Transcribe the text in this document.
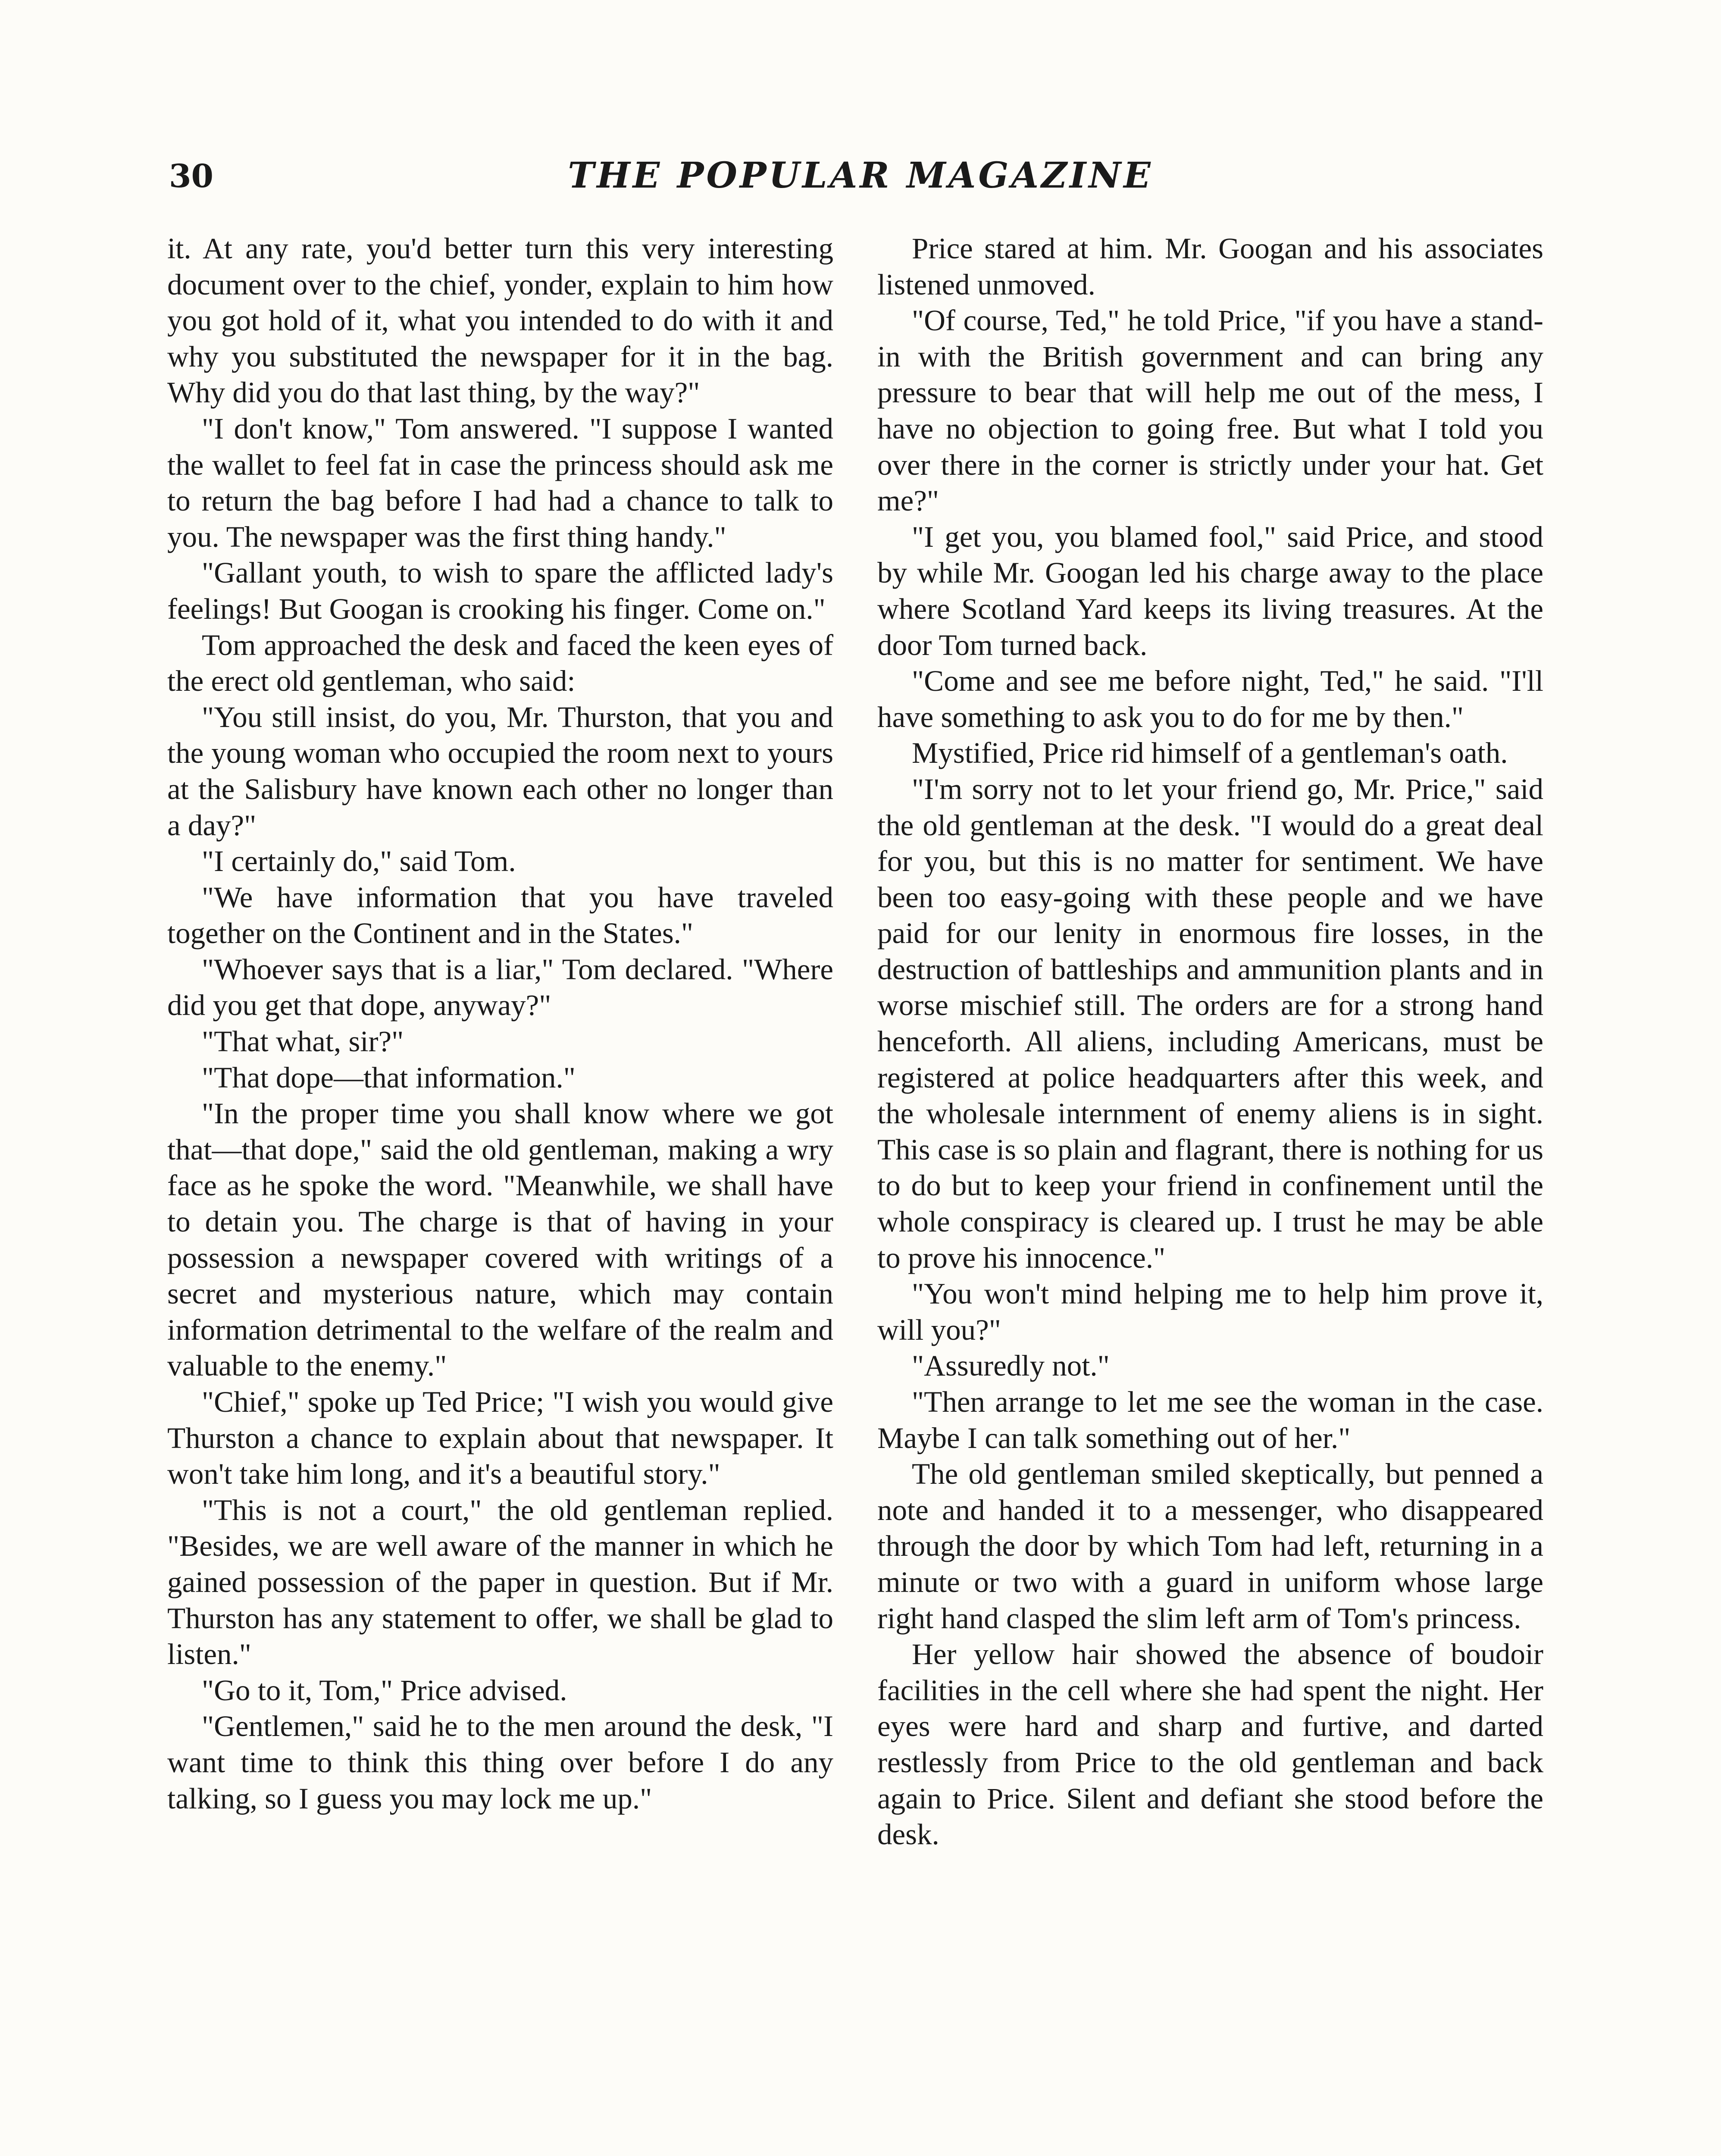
30	THE POPULAR MAGAZINE

it. At any rate, you'd better turn this very interesting document over to the chief, yonder, explain to him how you got hold of it, what you intended to do with it and why you substituted the newspaper for it in the bag. Why did you do that last thing, by the way?"

"I don't know," Tom answered. "I suppose I wanted the wallet to feel fat in case the princess should ask me to return the bag before I had had a chance to talk to you. The newspaper was the first thing handy."

"Gallant youth, to wish to spare the afflicted lady's feelings! But Googan is crooking his finger. Come on."

Tom approached the desk and faced the keen eyes of the erect old gentleman, who said:

"You still insist, do you, Mr. Thurston, that you and the young woman who occupied the room next to yours at the Salisbury have known each other no longer than a day?"

"I certainly do," said Tom.

"We have information that you have traveled together on the Continent and in the States."

"Whoever says that is a liar," Tom declared. "Where did you get that dope, anyway?"

"That what, sir?"

"That dope—that information."

"In the proper time you shall know where we got that—that dope," said the old gentleman, making a wry face as he spoke the word. "Meanwhile, we shall have to detain you. The charge is that of having in your possession a newspaper covered with writings of a secret and mysterious nature, which may contain information detrimental to the welfare of the realm and valuable to the enemy."

"Chief," spoke up Ted Price; "I wish you would give Thurston a chance to explain about that newspaper. It won't take him long, and it's a beautiful story."

"This is not a court," the old gentleman replied. "Besides, we are well aware of the manner in which he gained possession of the paper in question. But if Mr. Thurston has any statement to offer, we shall be glad to listen."

"Go to it, Tom," Price advised.

"Gentlemen," said he to the men around the desk, "I want time to think this thing over before I do any talking, so I guess you may lock me up."

Price stared at him. Mr. Googan and his associates listened unmoved.

"Of course, Ted," he told Price, "if you have a stand-in with the British government and can bring any pressure to bear that will help me out of the mess, I have no objection to going free. But what I told you over there in the corner is strictly under your hat. Get me?"

"I get you, you blamed fool," said Price, and stood by while Mr. Googan led his charge away to the place where Scotland Yard keeps its living treasures. At the door Tom turned back.

"Come and see me before night, Ted," he said. "I'll have something to ask you to do for me by then."

Mystified, Price rid himself of a gentleman's oath.

"I'm sorry not to let your friend go, Mr. Price," said the old gentleman at the desk. "I would do a great deal for you, but this is no matter for sentiment. We have been too easy-going with these people and we have paid for our lenity in enormous fire losses, in the destruction of battleships and ammunition plants and in worse mischief still. The orders are for a strong hand henceforth. All aliens, including Americans, must be registered at police headquarters after this week, and the wholesale internment of enemy aliens is in sight. This case is so plain and flagrant, there is nothing for us to do but to keep your friend in confinement until the whole conspiracy is cleared up. I trust he may be able to prove his innocence."

"You won't mind helping me to help him prove it, will you?"

"Assuredly not."

"Then arrange to let me see the woman in the case. Maybe I can talk something out of her."

The old gentleman smiled skeptically, but penned a note and handed it to a messenger, who disappeared through the door by which Tom had left, returning in a minute or two with a guard in uniform whose large right hand clasped the slim left arm of Tom's princess.

Her yellow hair showed the absence of boudoir facilities in the cell where she had spent the night. Her eyes were hard and sharp and furtive, and darted restlessly from Price to the old gentleman and back again to Price. Silent and defiant she stood before the desk.
